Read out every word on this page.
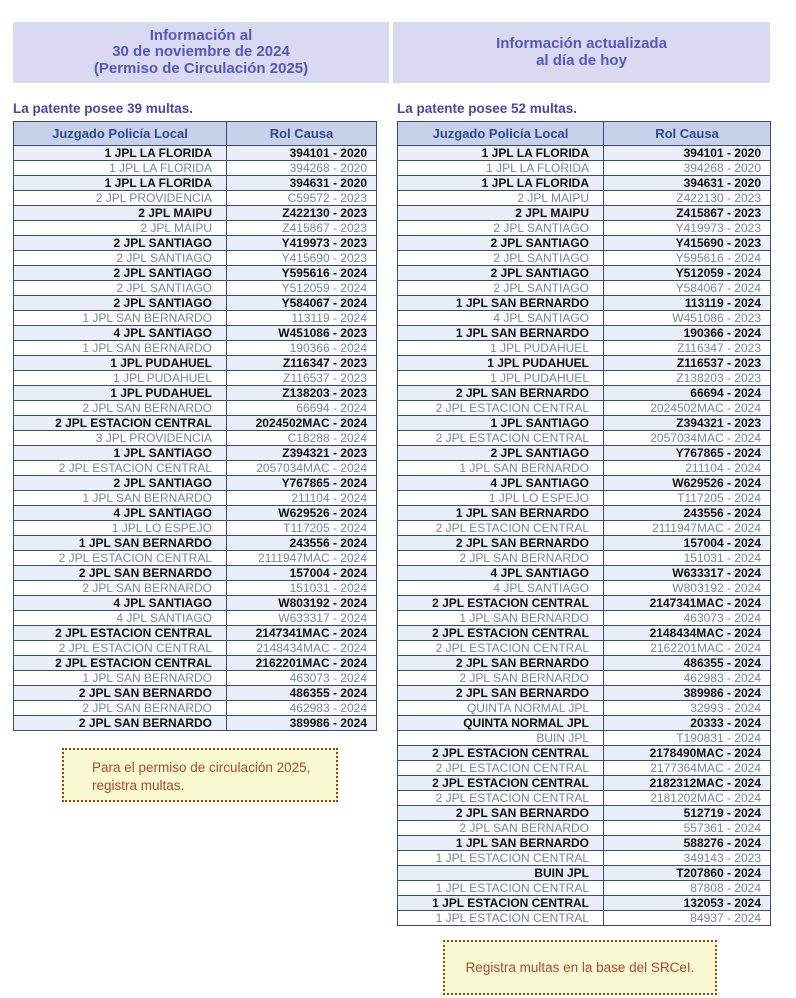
Información al
30 de noviembre de 2024
(Permiso de Circulación 2025)
Información actualizada
al día de hoy
La patente posee 39 multas.	La patente posee 52 multas.
Juzgado Policía Local	Rol Causa
1 JPL LA FLORIDA	394101 - 2020
1 JPL LA FLORIDA	394268 - 2020
1 JPL LA FLORIDA	394631 - 2020
2 JPL PROVIDENCIA	C59572 - 2023
2 JPL MAIPU	Z422130 - 2023
2 JPL MAIPU	Z415867 - 2023
2 JPL SANTIAGO	Y419973 - 2023
2 JPL SANTIAGO	Y415690 - 2023
2 JPL SANTIAGO	Y595616 - 2024
2 JPL SANTIAGO	Y512059 - 2024
2 JPL SANTIAGO	Y584067 - 2024
1 JPL SAN BERNARDO	113119 - 2024
4 JPL SANTIAGO	W451086 - 2023
1 JPL SAN BERNARDO	190366 - 2024
1 JPL PUDAHUEL	Z116347 - 2023
1 JPL PUDAHUEL	Z116537 - 2023
1 JPL PUDAHUEL	Z138203 - 2023
2 JPL SAN BERNARDO	66694 - 2024
2 JPL ESTACION CENTRAL	2024502MAC - 2024
3 JPL PROVIDENCIA	C18288 - 2024
1 JPL SANTIAGO	Z394321 - 2023
2 JPL ESTACION CENTRAL	2057034MAC - 2024
2 JPL SANTIAGO	Y767865 - 2024
1 JPL SAN BERNARDO	211104 - 2024
4 JPL SANTIAGO	W629526 - 2024
1 JPL LO ESPEJO	T117205 - 2024
1 JPL SAN BERNARDO	243556 - 2024
2 JPL ESTACION CENTRAL	2111947MAC - 2024
2 JPL SAN BERNARDO	157004 - 2024
2 JPL SAN BERNARDO	151031 - 2024
4 JPL SANTIAGO	W803192 - 2024
4 JPL SANTIAGO	W633317 - 2024
2 JPL ESTACION CENTRAL	2147341MAC - 2024
2 JPL ESTACION CENTRAL	2148434MAC - 2024
2 JPL ESTACION CENTRAL	2162201MAC - 2024
1 JPL SAN BERNARDO	463073 - 2024
2 JPL SAN BERNARDO	486355 - 2024
2 JPL SAN BERNARDO	462983 - 2024
2 JPL SAN BERNARDO	389986 - 2024
Juzgado Policía Local	Rol Causa
1 JPL LA FLORIDA	394101 - 2020
1 JPL LA FLORIDA	394268 - 2020
1 JPL LA FLORIDA	394631 - 2020
2 JPL MAIPU	Z422130 - 2023
2 JPL MAIPU	Z415867 - 2023
2 JPL SANTIAGO	Y419973 - 2023
2 JPL SANTIAGO	Y415690 - 2023
2 JPL SANTIAGO	Y595616 - 2024
2 JPL SANTIAGO	Y512059 - 2024
2 JPL SANTIAGO	Y584067 - 2024
1 JPL SAN BERNARDO	113119 - 2024
4 JPL SANTIAGO	W451086 - 2023
1 JPL SAN BERNARDO	190366 - 2024
1 JPL PUDAHUEL	Z116347 - 2023
1 JPL PUDAHUEL	Z116537 - 2023
1 JPL PUDAHUEL	Z138203 - 2023
2 JPL SAN BERNARDO	66694 - 2024
2 JPL ESTACION CENTRAL	2024502MAC - 2024
1 JPL SANTIAGO	Z394321 - 2023
2 JPL ESTACION CENTRAL	2057034MAC - 2024
2 JPL SANTIAGO	Y767865 - 2024
1 JPL SAN BERNARDO	211104 - 2024
4 JPL SANTIAGO	W629526 - 2024
1 JPL LO ESPEJO	T117205 - 2024
1 JPL SAN BERNARDO	243556 - 2024
2 JPL ESTACION CENTRAL	2111947MAC - 2024
2 JPL SAN BERNARDO	157004 - 2024
2 JPL SAN BERNARDO	151031 - 2024
4 JPL SANTIAGO	W633317 - 2024
4 JPL SANTIAGO	W803192 - 2024
2 JPL ESTACION CENTRAL	2147341MAC - 2024
1 JPL SAN BERNARDO	463073 - 2024
2 JPL ESTACION CENTRAL	2148434MAC - 2024
2 JPL ESTACION CENTRAL	2162201MAC - 2024
2 JPL SAN BERNARDO	486355 - 2024
2 JPL SAN BERNARDO	462983 - 2024
2 JPL SAN BERNARDO	389986 - 2024
QUINTA NORMAL JPL	32993 - 2024
QUINTA NORMAL JPL	20333 - 2024
BUIN JPL	T190831 - 2024
2 JPL ESTACION CENTRAL	2178490MAC - 2024
2 JPL ESTACION CENTRAL	2177364MAC - 2024
2 JPL ESTACION CENTRAL	2182312MAC - 2024
2 JPL ESTACION CENTRAL	2181202MAC - 2024
2 JPL SAN BERNARDO	512719 - 2024
2 JPL SAN BERNARDO	557361 - 2024
1 JPL SAN BERNARDO	588276 - 2024
1 JPL ESTACION CENTRAL	349143 - 2023
BUIN JPL	T207860 - 2024
1 JPL ESTACION CENTRAL	87808 - 2024
1 JPL ESTACION CENTRAL	132053 - 2024
1 JPL ESTACION CENTRAL	84937 - 2024
Para el permiso de circulación 2025,
registra multas.
Registra multas en la base del SRCeI.
